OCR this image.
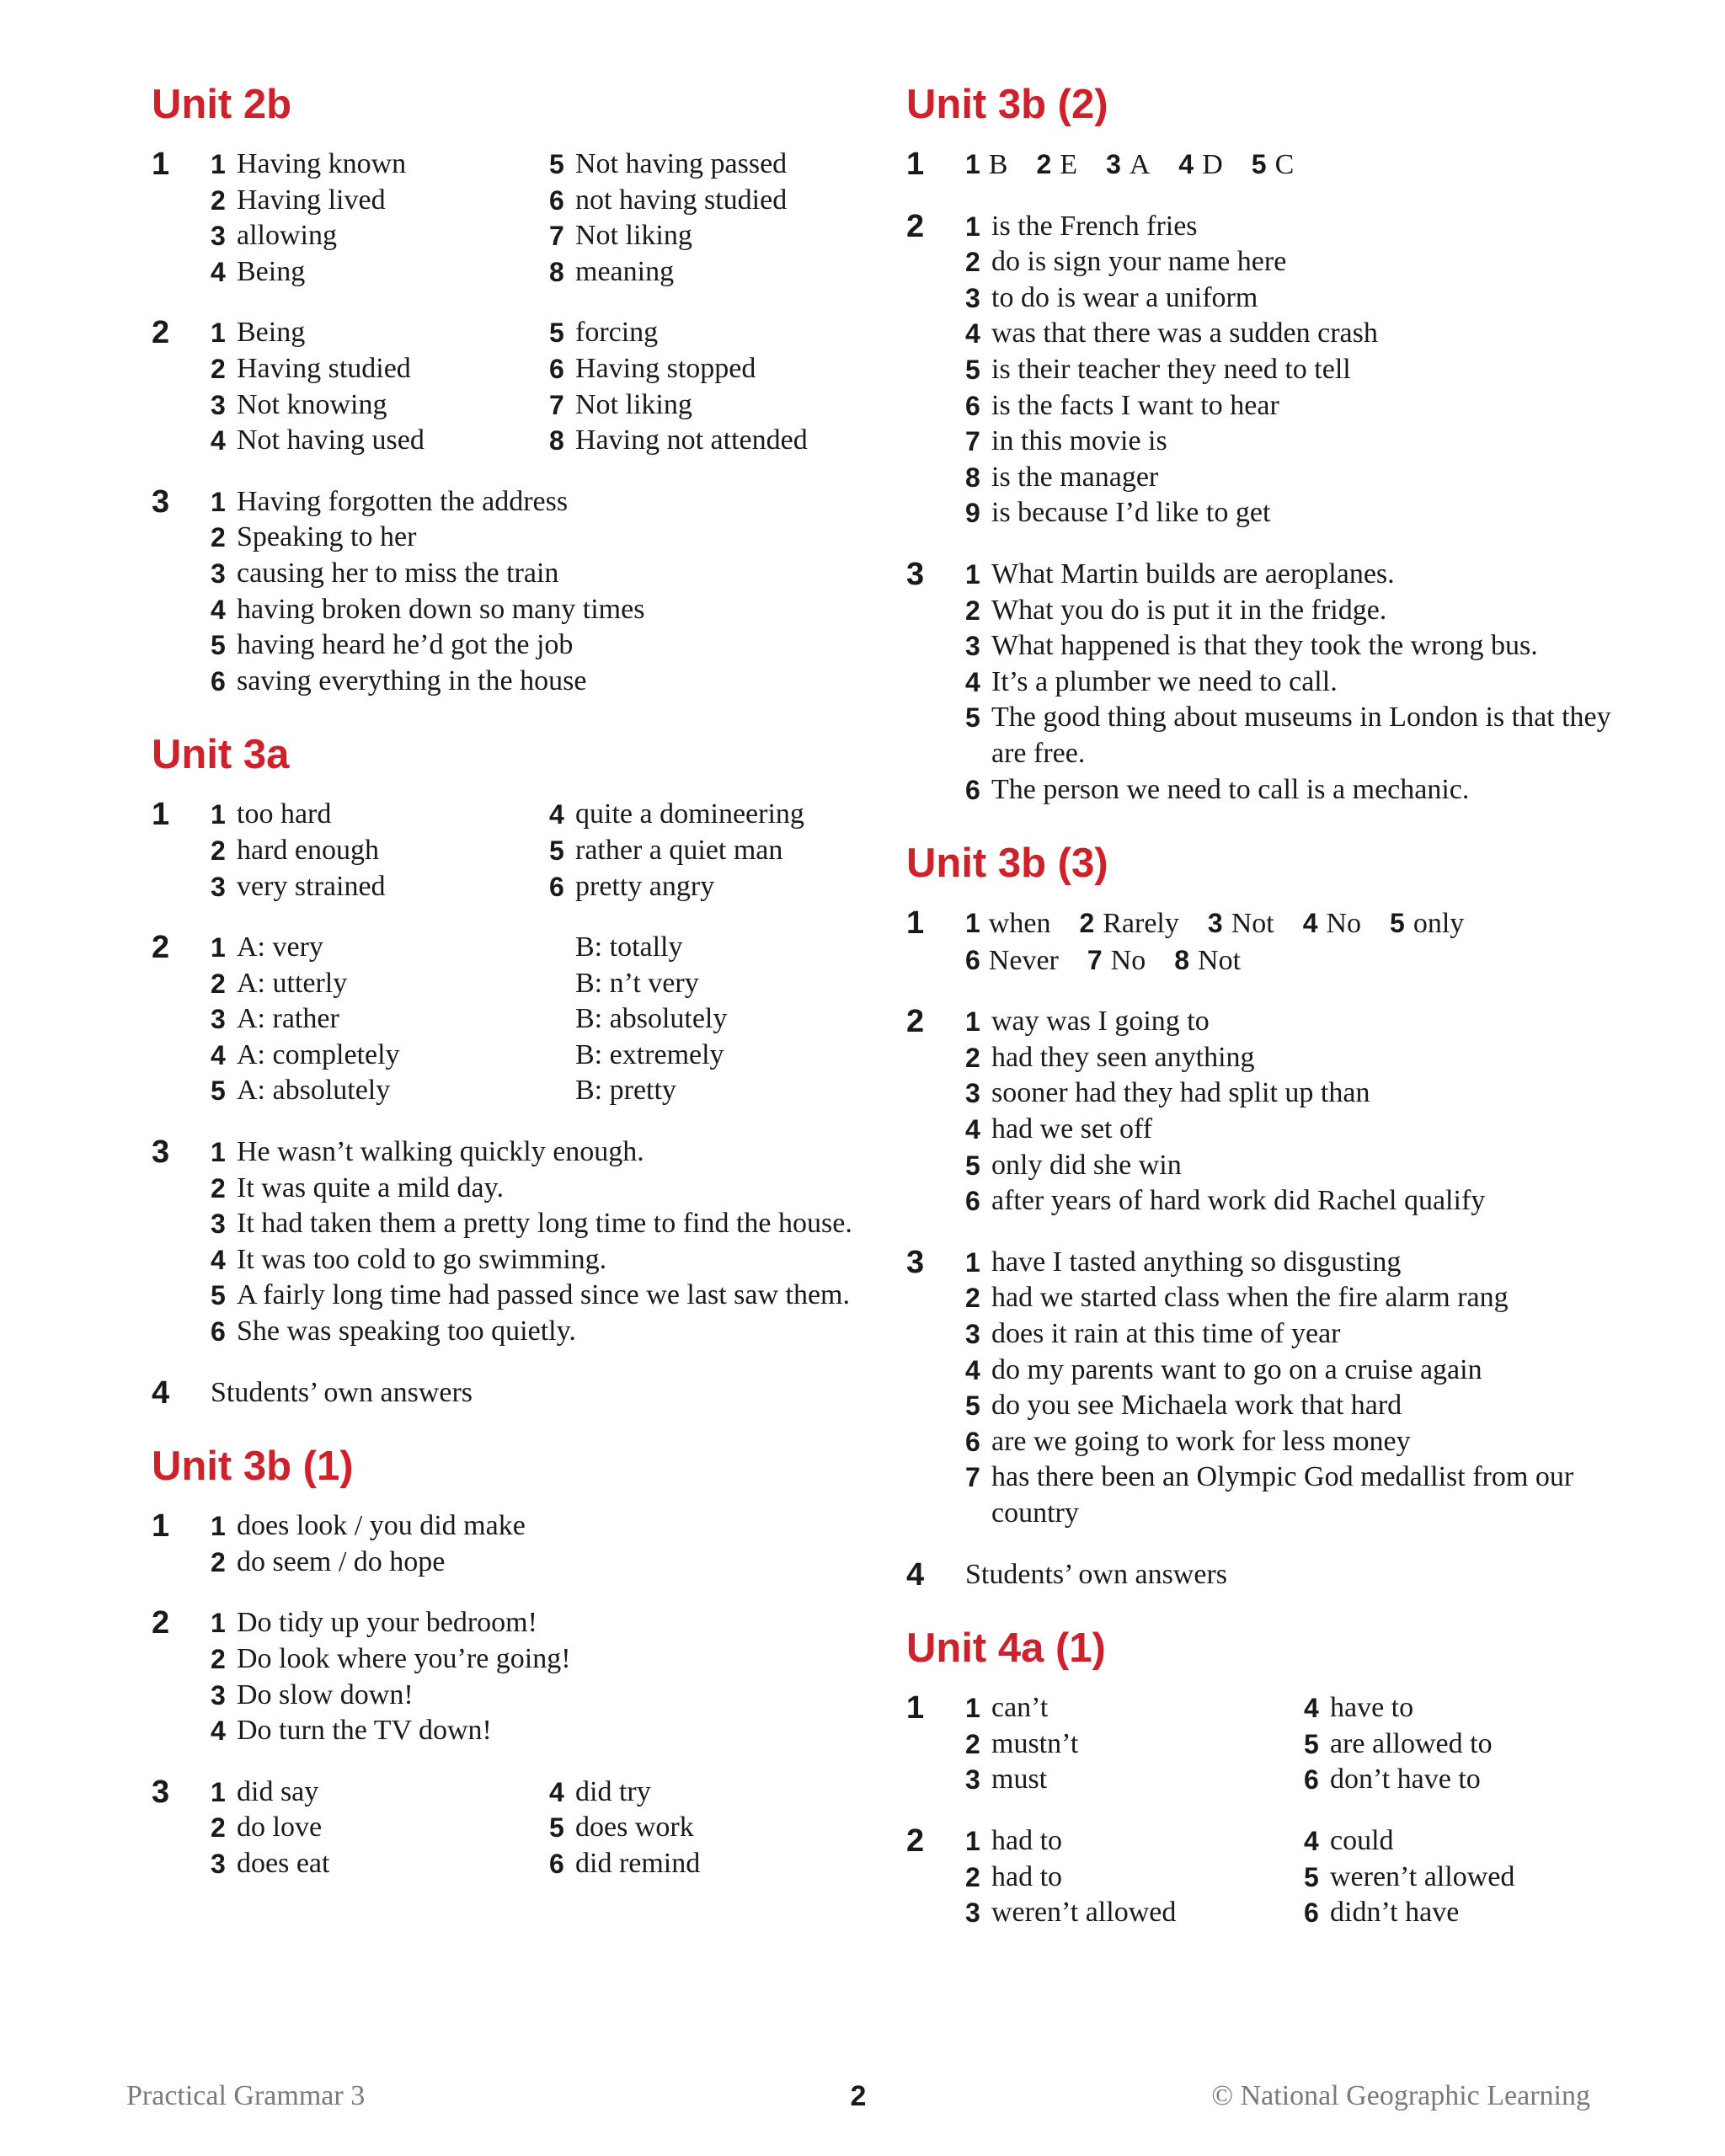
Unit 2b
1 1 Having known	5 Not having passed
2 Having lived	6 not having studied
3 allowing	7 Not liking
4 Being	8 meaning
2 1 Being	5 forcing
2 Having studied	6 Having stopped
3 Not knowing	7 Not liking
4 Not having used	8 Having not attended
3 1 Having forgotten the address
2 Speaking to her
3 causing her to miss the train
4 having broken down so many times
5 having heard he’d got the job
6 saving everything in the house
Unit 3a
1 1 too hard	4 quite a domineering
2 hard enough	5 rather a quiet man
3 very strained	6 pretty angry
2 1 A: very	B: totally
2 A: utterly	B: n’t very
3 A: rather	B: absolutely
4 A: completely	B: extremely
5 A: absolutely	B: pretty
3 1 He wasn’t walking quickly enough.
2 It was quite a mild day.
3 It had taken them a pretty long time to find the house.
4 It was too cold to go swimming.
5 A fairly long time had passed since we last saw them.
6 She was speaking too quietly.
4 Students’ own answers
Unit 3b (1)
1 1 does look / you did make
2 do seem / do hope
2 1 Do tidy up your bedroom!
2 Do look where you’re going!
3 Do slow down!
4 Do turn the TV down!
3 1 did say	4 did try
2 do love	5 does work
3 does eat	6 did remind
Unit 3b (2)
1 1 B 2 E 3 A 4 D 5 C
2 1 is the French fries
2 do is sign your name here
3 to do is wear a uniform
4 was that there was a sudden crash
5 is their teacher they need to tell
6 is the facts I want to hear
7 in this movie is
8 is the manager
9 is because I’d like to get
3 1 What Martin builds are aeroplanes.
2 What you do is put it in the fridge.
3 What happened is that they took the wrong bus.
4 It’s a plumber we need to call.
5 The good thing about museums in London is that they are free.
6 The person we need to call is a mechanic.
Unit 3b (3)
1 1 when 2 Rarely 3 Not 4 No 5 only
6 Never 7 No 8 Not
2 1 way was I going to
2 had they seen anything
3 sooner had they had split up than
4 had we set off
5 only did she win
6 after years of hard work did Rachel qualify
3 1 have I tasted anything so disgusting
2 had we started class when the fire alarm rang
3 does it rain at this time of year
4 do my parents want to go on a cruise again
5 do you see Michaela work that hard
6 are we going to work for less money
7 has there been an Olympic God medallist from our country
4 Students’ own answers
Unit 4a (1)
1 1 can’t	4 have to
2 mustn’t	5 are allowed to
3 must	6 don’t have to
2 1 had to	4 could
2 had to	5 weren’t allowed
3 weren’t allowed	6 didn’t have
Practical Grammar 3	2	© National Geographic Learning
